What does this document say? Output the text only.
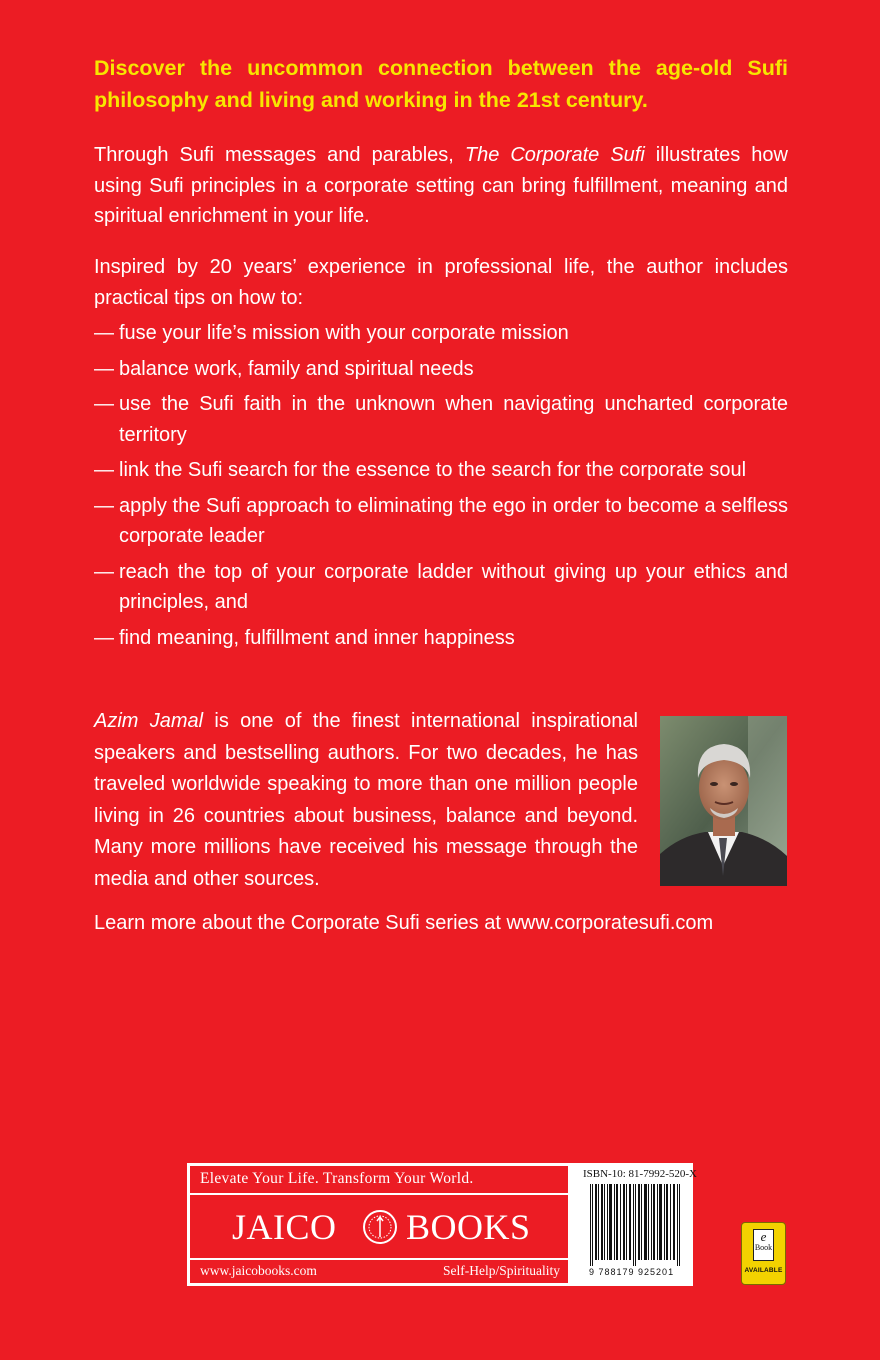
Discover the uncommon connection between the age-old Sufi philosophy and living and working in the 21st century.
Through Sufi messages and parables, The Corporate Sufi illustrates how using Sufi principles in a corporate setting can bring fulfillment, meaning and spiritual enrichment in your life.
Inspired by 20 years’ experience in professional life, the author includes practical tips on how to:
— fuse your life’s mission with your corporate mission
— balance work, family and spiritual needs
— use the Sufi faith in the unknown when navigating uncharted corporate territory
— link the Sufi search for the essence to the search for the corporate soul
— apply the Sufi approach to eliminating the ego in order to become a selfless corporate leader
— reach the top of your corporate ladder without giving up your ethics and principles, and
— find meaning, fulfillment and inner happiness
Azim Jamal is one of the finest international inspirational speakers and bestselling authors. For two decades, he has traveled worldwide speaking to more than one million people living in 26 countries about business, balance and beyond. Many more millions have received his message through the media and other sources.
Learn more about the Corporate Sufi series at www.corporatesufi.com
Elevate Your Life. Transform Your World.
JAICO BOOKS
www.jaicobooks.com	Self-Help/Spirituality
ISBN-10: 81-7992-520-X
9 788179 925201
e
Book
AVAILABLE
